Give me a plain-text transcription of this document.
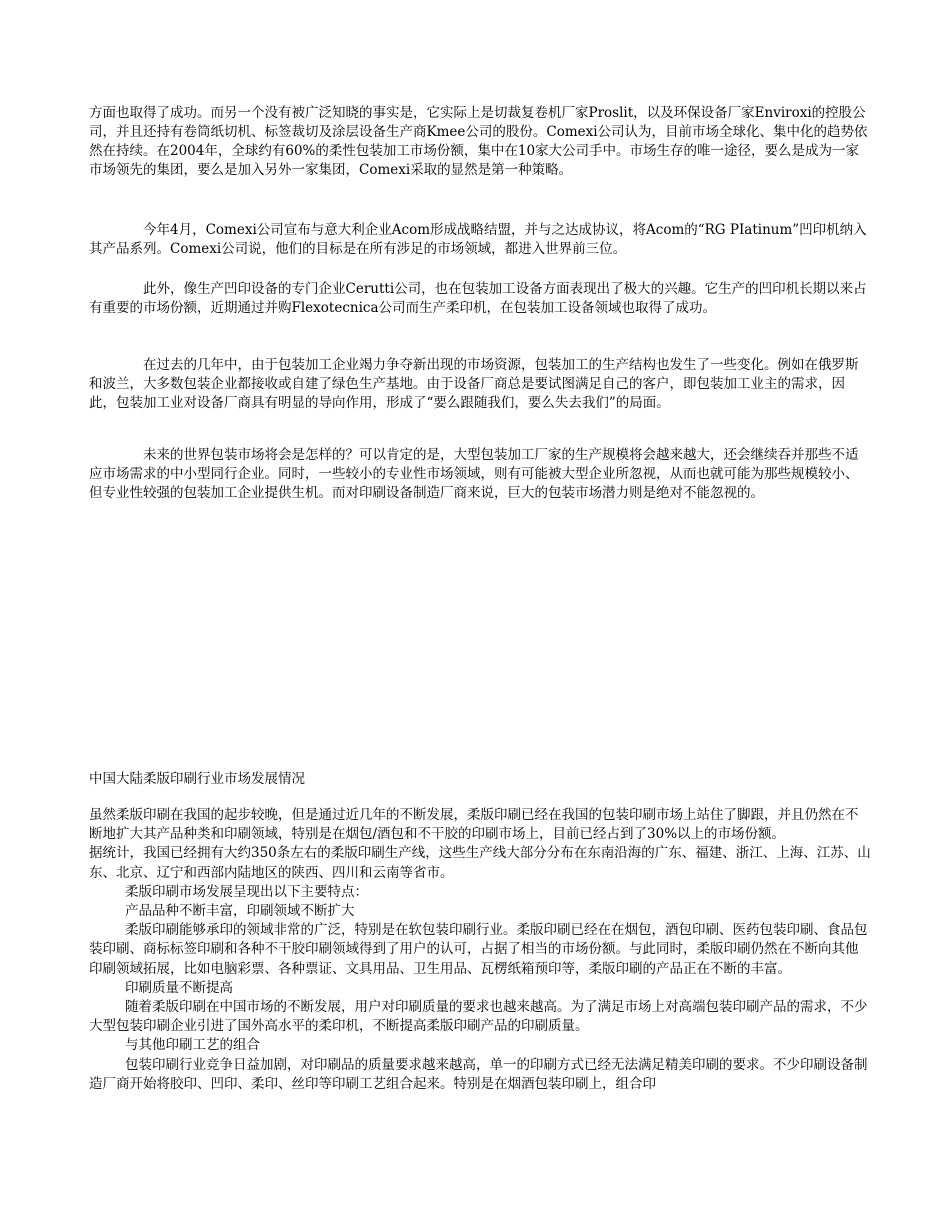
方面也取得了成功。而另一个没有被广泛知晓的事实是，它实际上是切裁复卷机厂家Proslit，以及环保设备厂家Enviroxi的控股公司，并且还持有卷筒纸切机、标签裁切及涂层设备生产商Kmee公司的股份。Comexi公司认为，目前市场全球化、集中化的趋势依然在持续。在2004年，全球约有60%的柔性包装加工市场份额，集中在10家大公司手中。市场生存的唯一途径，要么是成为一家市场领先的集团，要么是加入另外一家集团，Comexi采取的显然是第一种策略。

今年4月，Comexi公司宣布与意大利企业Acom形成战略结盟，并与之达成协议，将Acom的“RG PIatinum”凹印机纳入其产品系列。Comexi公司说，他们的目标是在所有涉足的市场领域，都进入世界前三位。

此外，像生产凹印设备的专门企业Cerutti公司，也在包装加工设备方面表现出了极大的兴趣。它生产的凹印机长期以来占有重要的市场份额，近期通过并购Flexotecnica公司而生产柔印机，在包装加工设备领域也取得了成功。

在过去的几年中，由于包装加工企业竭力争夺新出现的市场资源，包装加工的生产结构也发生了一些变化。例如在俄罗斯和波兰，大多数包装企业都接收或自建了绿色生产基地。由于设备厂商总是要试图满足自己的客户，即包装加工业主的需求，因此，包装加工业对设备厂商具有明显的导向作用，形成了“要么跟随我们，要么失去我们”的局面。

未来的世界包装市场将会是怎样的？可以肯定的是，大型包装加工厂家的生产规模将会越来越大，还会继续吞并那些不适应市场需求的中小型同行企业。同时，一些较小的专业性市场领域，则有可能被大型企业所忽视，从而也就可能为那些规模较小、但专业性较强的包装加工企业提供生机。而对印刷设备制造厂商来说，巨大的包装市场潜力则是绝对不能忽视的。

中国大陆柔版印刷行业市场发展情况

虽然柔版印刷在我国的起步较晚，但是通过近几年的不断发展，柔版印刷已经在我国的包装印刷市场上站住了脚跟，并且仍然在不断地扩大其产品种类和印刷领域，特别是在烟包/酒包和不干胶的印刷市场上，目前已经占到了30%以上的市场份额。

据统计，我国已经拥有大约350条左右的柔版印刷生产线，这些生产线大部分分布在东南沿海的广东、福建、浙江、上海、江苏、山东、北京、辽宁和西部内陆地区的陕西、四川和云南等省市。

柔版印刷市场发展呈现出以下主要特点：

产品品种不断丰富，印刷领域不断扩大

柔版印刷能够承印的领域非常的广泛，特别是在软包装印刷行业。柔版印刷已经在在烟包，酒包印刷、医药包装印刷、食品包装印刷、商标标签印刷和各种不干胶印刷领域得到了用户的认可，占据了相当的市场份额。与此同时，柔版印刷仍然在不断向其他印刷领域拓展，比如电脑彩票、各种票证、文具用品、卫生用品、瓦楞纸箱预印等，柔版印刷的产品正在不断的丰富。

印刷质量不断提高

随着柔版印刷在中国市场的不断发展，用户对印刷质量的要求也越来越高。为了满足市场上对高端包装印刷产品的需求，不少大型包装印刷企业引进了国外高水平的柔印机，不断提高柔版印刷产品的印刷质量。

与其他印刷工艺的组合

包装印刷行业竞争日益加剧，对印刷品的质量要求越来越高，单一的印刷方式已经无法满足精美印刷的要求。不少印刷设备制造厂商开始将胶印、凹印、柔印、丝印等印刷工艺组合起来。特别是在烟酒包装印刷上，组合印
